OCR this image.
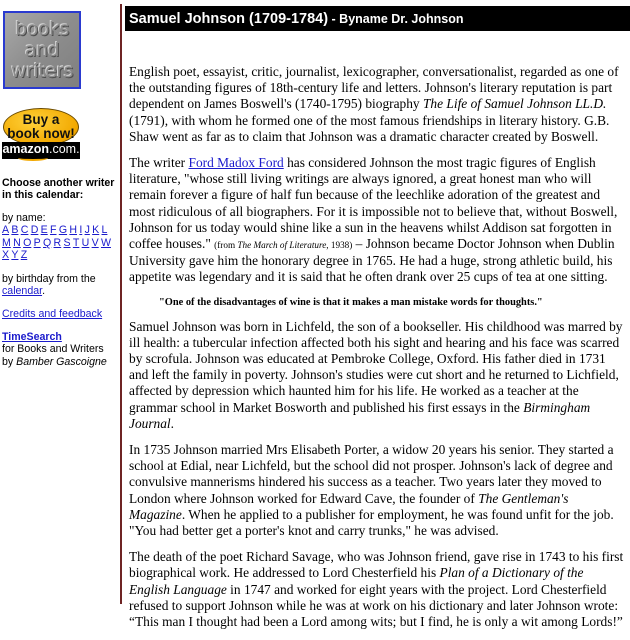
books
and
writers
Buy a
book now!
amazon.com.
Choose another writer in this calendar:
by name:
A B C D E F G H I J K L
M N O P Q R S T U V W
X Y Z
by birthday from the
calendar.
Credits and feedback
TimeSearch
for Books and Writers
by Bamber Gascoigne
Samuel Johnson (1709-1784) - Byname Dr. Johnson

English poet, essayist, critic, journalist, lexicographer, conversationalist, regarded as one of the outstanding figures of 18th-century life and letters. Johnson's literary reputation is part dependent on James Boswell's (1740-1795) biography The Life of Samuel Johnson LL.D. (1791), with whom he formed one of the most famous friendships in literary history. G.B. Shaw went as far as to claim that Johnson was a dramatic character created by Boswell.

The writer Ford Madox Ford has considered Johnson the most tragic figures of English literature, "whose still living writings are always ignored, a great honest man who will remain forever a figure of half fun because of the leechlike adoration of the greatest and most ridiculous of all biographers. For it is impossible not to believe that, without Boswell, Johnson for us today would shine like a sun in the heavens whilst Addison sat forgotten in coffee houses." (from The March of Literature, 1938) – Johnson became Doctor Johnson when Dublin University gave him the honorary degree in 1765. He had a huge, strong athletic build, his appetite was legendary and it is said that he often drank over 25 cups of tea at one sitting.

"One of the disadvantages of wine is that it makes a man mistake words for thoughts."

Samuel Johnson was born in Lichfeld, the son of a bookseller. His childhood was marred by ill health: a tubercular infection affected both his sight and hearing and his face was scarred by scrofula. Johnson was educated at Pembroke College, Oxford. His father died in 1731 and left the family in poverty. Johnson's studies were cut short and he returned to Lichfield, affected by depression which haunted him for his life. He worked as a teacher at the grammar school in Market Bosworth and published his first essays in the Birmingham Journal.

In 1735 Johnson married Mrs Elisabeth Porter, a widow 20 years his senior. They started a school at Edial, near Lichfeld, but the school did not prosper. Johnson's lack of degree and convulsive mannerisms hindered his success as a teacher. Two years later they moved to London where Johnson worked for Edward Cave, the founder of The Gentleman's Magazine. When he applied to a publisher for employment, he was found unfit for the job. "You had better get a porter's knot and carry trunks," he was advised.

The death of the poet Richard Savage, who was Johnson friend, gave rise in 1743 to his first biographical work. He addressed to Lord Chesterfield his Plan of a Dictionary of the English Language in 1747 and worked for eight years with the project. Lord Chesterfield refused to support Johnson while he was at work on his dictionary and later Johnson wrote: “This man I thought had been a Lord among wits; but I find, he is only a wit among Lords!”
